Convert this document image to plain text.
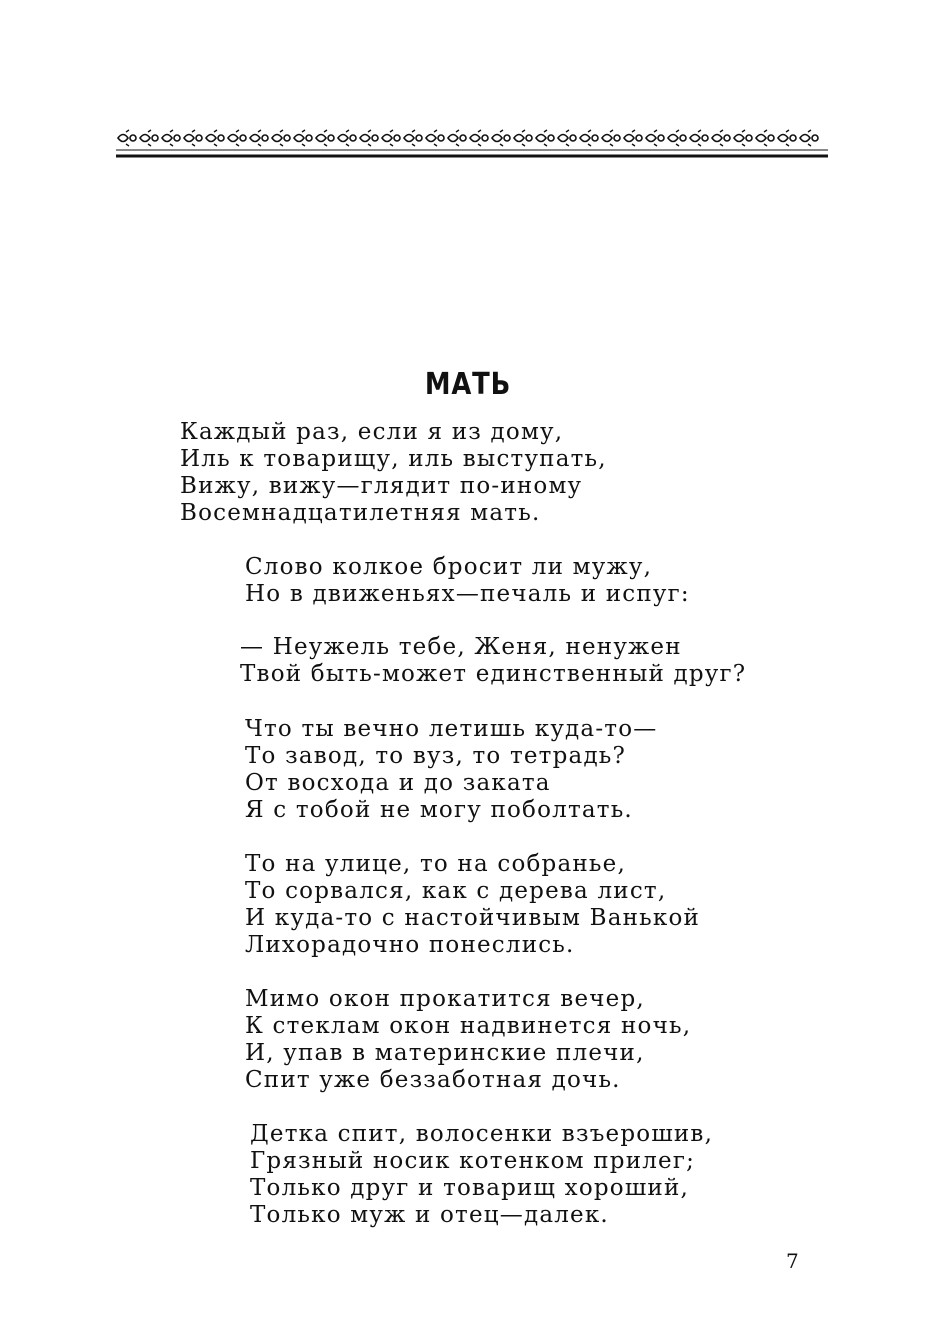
МАТЬ
Каждый раз, если я из дому,
Иль к товарищу, иль выступать,
Вижу, вижу—глядит по-иному
Восемнадцатилетняя мать.
Слово колкое бросит ли мужу,
Но в движеньях—печаль и испуг:
— Неужель тебе, Женя, ненужен
Твой быть-может единственный друг?
Что ты вечно летишь куда-то—
То завод, то вуз, то тетрадь?
От восхода и до заката
Я с тобой не могу поболтать.
То на улице, то на собранье,
То сорвался, как с дерева лист,
И куда-то с настойчивым Ванькой
Лихорадочно понеслись.
Мимо окон прокатится вечер,
К стеклам окон надвинется ночь,
И, упав в материнские плечи,
Спит уже беззаботная дочь.
Детка спит, волосенки взъерошив,
Грязный носик котенком прилег;
Только друг и товарищ хороший,
Только муж и отец—далек.
7
